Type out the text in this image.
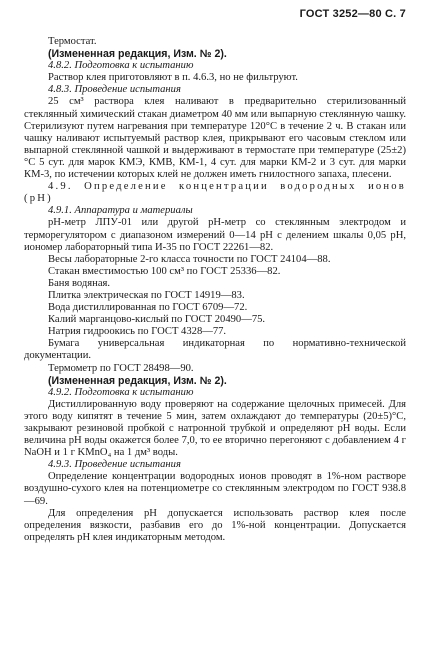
ГОСТ 3252—80 С. 7

Термостат.

(Измененная редакция, Изм. № 2).

4.8.2. Подготовка к испытанию

Раствор клея приготовляют в п. 4.6.3, но не фильтруют.

4.8.3. Проведение испытания

25 см³ раствора клея наливают в предварительно стерилизованный стеклянный химический стакан диаметром 40 мм или выпарную стеклянную чашку. Стерилизуют путем нагревания при температуре 120°С в течение 2 ч. В стакан или чашку наливают испытуемый раствор клея, прикрывают его часовым стеклом или выпарной стеклянной чашкой и выдерживают в термостате при температуре (25±2)°С 5 сут. для марок КМЭ, КМВ, КМ-1, 4 сут. для марки КМ-2 и 3 сут. для марки КМ-3, по истечении которых клей не должен иметь гнилостного запаха, плесени.

4.9. Определение концентрации водородных ионов (pH)

4.9.1. Аппаратура и материалы

pH-метр ЛПУ-01 или другой pH-метр со стеклянным электродом и терморегулятором с диапазоном измерений 0—14 pH с делением шкалы 0,05 pH, иономер лабораторный типа И-35 по ГОСТ 22261—82.

Весы лабораторные 2-го класса точности по ГОСТ 24104—88.

Стакан вместимостью 100 см³ по ГОСТ 25336—82.

Баня водяная.

Плитка электрическая по ГОСТ 14919—83.

Вода дистиллированная по ГОСТ 6709—72.

Калий марганцово-кислый по ГОСТ 20490—75.

Натрия гидроокись по ГОСТ 4328—77.

Бумага универсальная индикаторная по нормативно-технической документации.

Термометр по ГОСТ 28498—90.

(Измененная редакция, Изм. № 2).

4.9.2. Подготовка к испытанию

Дистиллированную воду проверяют на содержание щелочных примесей. Для этого воду кипятят в течение 5 мин, затем охлаждают до температуры (20±5)°С, закрывают резиновой пробкой с натронной трубкой и определяют pH воды. Если величина pH воды окажется более 7,0, то ее вторично перегоняют с добавлением 4 г NaOH и 1 г KMnO₄ на 1 дм³ воды.

4.9.3. Проведение испытания

Определение концентрации водородных ионов проводят в 1%-ном растворе воздушно-сухого клея на потенциометре со стеклянным электродом по ГОСТ 938.8—69.

Для определения pH допускается использовать раствор клея после определения вязкости, разбавив его до 1%-ной концентрации. Допускается определять pH клея индикаторным методом.
